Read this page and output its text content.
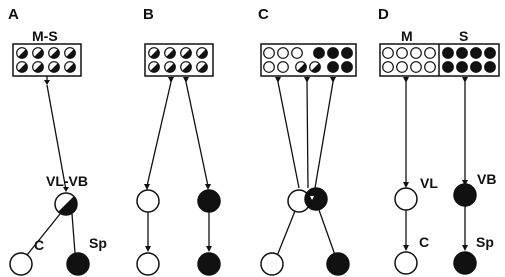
A
M-S
VL-VB
C	Sp
B	C	D
M	S
VL	VB
C	Sp
